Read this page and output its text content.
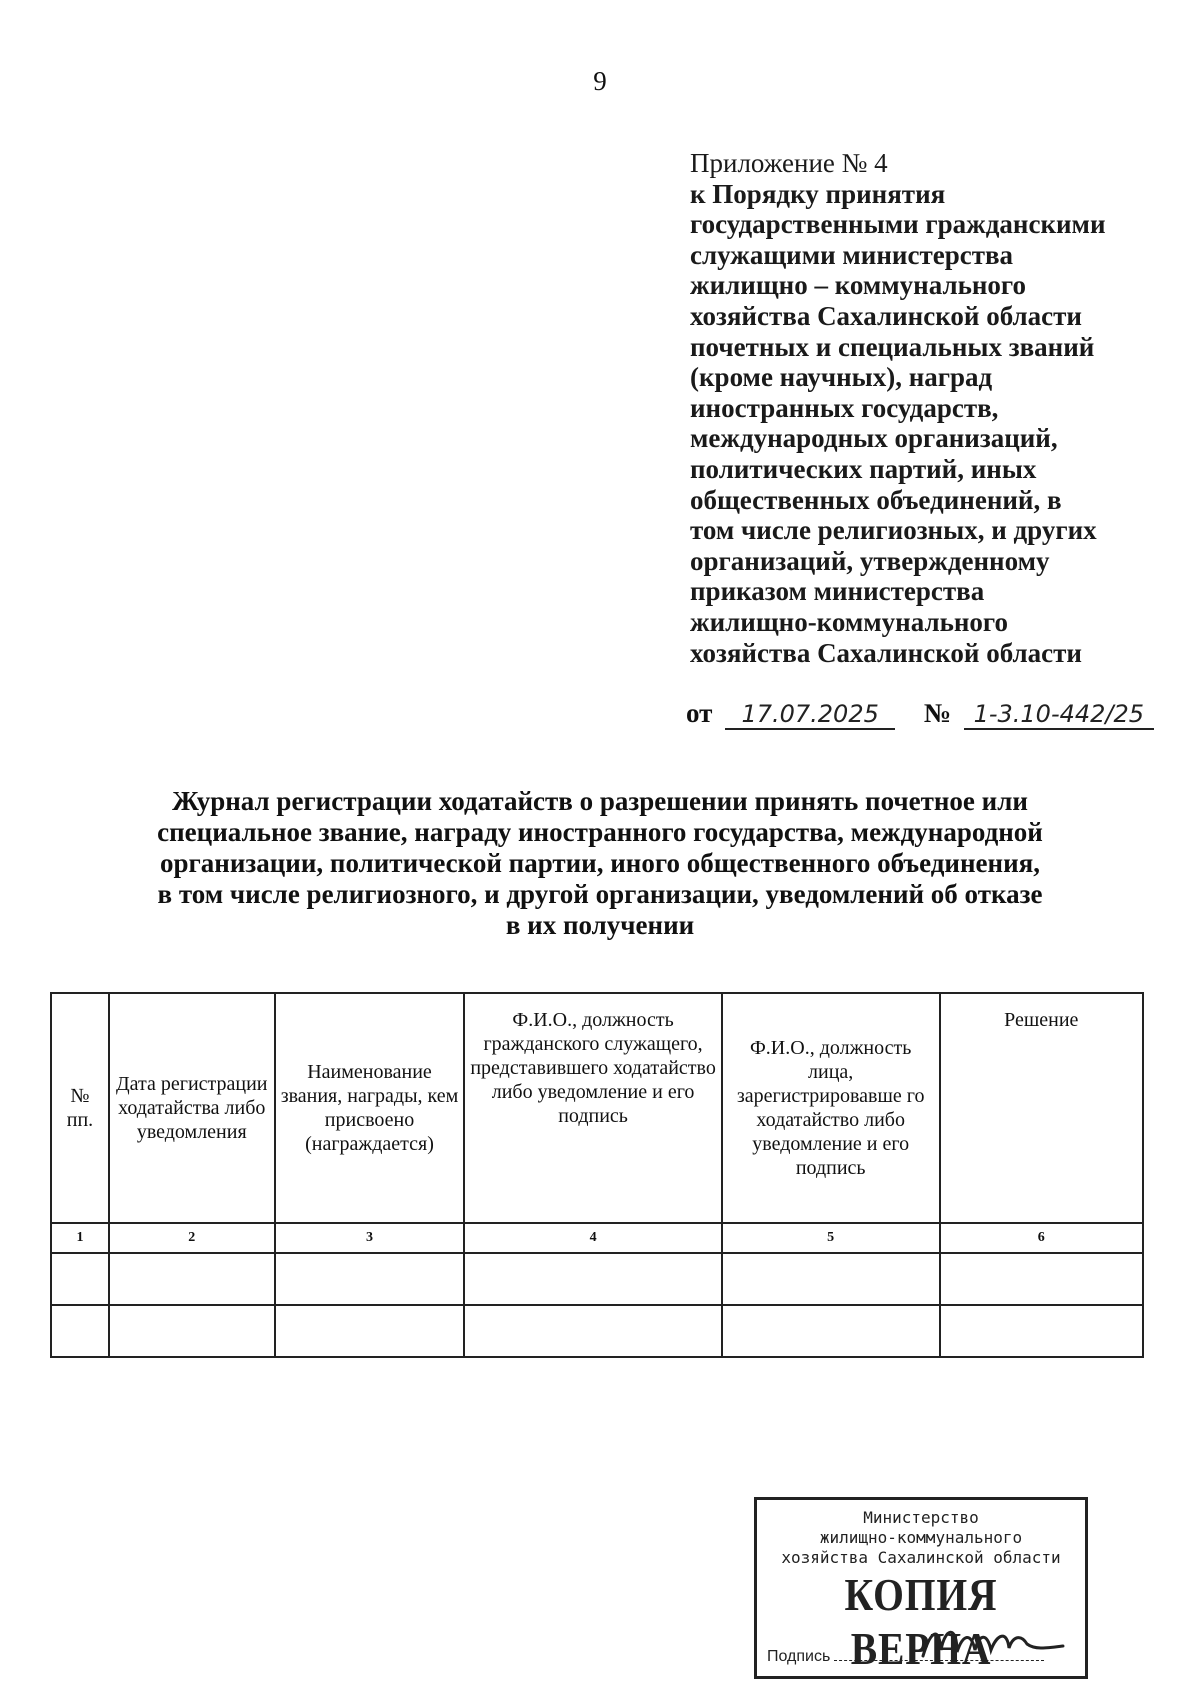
9
Приложение № 4
к Порядку принятия
государственными гражданскими
служащими министерства
жилищно – коммунального
хозяйства Сахалинской области
почетных и специальных званий
(кроме научных), наград
иностранных государств,
международных организаций,
политических партий, иных
общественных объединений, в
том числе религиозных, и других
организаций, утвержденному
приказом министерства
жилищно-коммунального
хозяйства Сахалинской области
от 17.07.2025 № 1-3.10-442/25
Журнал регистрации ходатайств о разрешении принять почетное или
специальное звание, награду иностранного государства, международной
организации, политической партии, иного общественного объединения,
в том числе религиозного, и другой организации, уведомлений об отказе
в их получении
№ пп.	Дата регистрации ходатайства либо уведомления	Наименование звания, награды, кем присвоено (награждается)	Ф.И.О., должность гражданского служащего, представившего ходатайство либо уведомление и его подпись	Ф.И.О., должность лица, зарегистрировавше го ходатайство либо уведомление и его подпись	Решение
1	2	3	4	5	6

Министерство
жилищно-коммунального
хозяйства Сахалинской области
КОПИЯ ВЕРНА
Подпись
